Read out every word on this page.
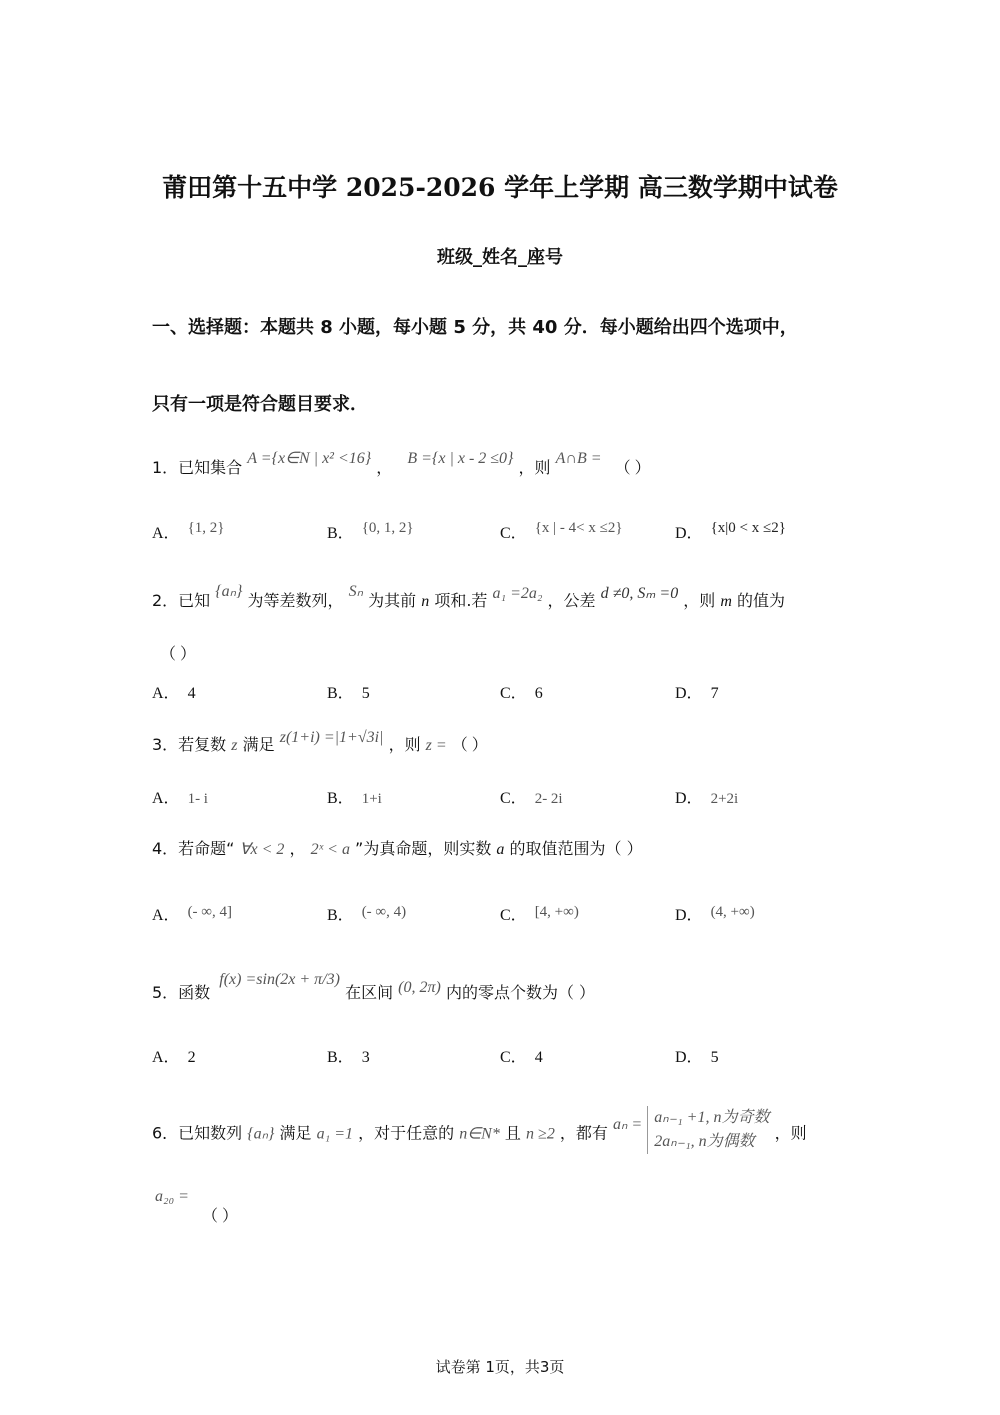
莆田第十五中学 2025-2026 学年上学期 高三数学期中试卷
班级_姓名_座号
一、选择题：本题共 8 小题，每小题 5 分，共 40 分．每小题给出四个选项中，
只有一项是符合题目要求．
1．已知集合 A ={x∈N | x² <16} ， B ={x | x - 2 ≤0} ，则 A∩B = （ ）
A． {1, 2}	B． {0, 1, 2}	C． {x | - 4< x ≤2}	D． {x|0 < x ≤2}
2．已知 {aₙ} 为等差数列， Sₙ 为其前 n 项和.若 a₁ =2a₂ ，公差 d ≠0, Sₘ =0 ，则 m 的值为
（ ）
A． 4	B． 5	C． 6	D． 7
3．若复数 z 满足 z(1+i) =|1+√3i| ，则 z = （ ）
A． 1- i	B． 1+i	C． 2- 2i	D． 2+2i
4．若命题“ ∀x < 2 ， 2ˣ < a ”为真命题，则实数 a 的取值范围为（ ）
A． (- ∞, 4]	B． (- ∞, 4)	C． [4, +∞)	D． (4, +∞)
5．函数 f(x) =sin(2x + π/3) 在区间 (0, 2π) 内的零点个数为（ ）
A． 2	B． 3	C． 4	D． 5
6．已知数列 {aₙ} 满足 a₁ =1 ，对于任意的 n∈N* 且 n ≥2 ，都有 aₙ = aₙ₋₁ +1, n为奇数
2aₙ₋₁, n为偶数	，则
a₂₀ =
（ ）
试卷第 1页，共3页
